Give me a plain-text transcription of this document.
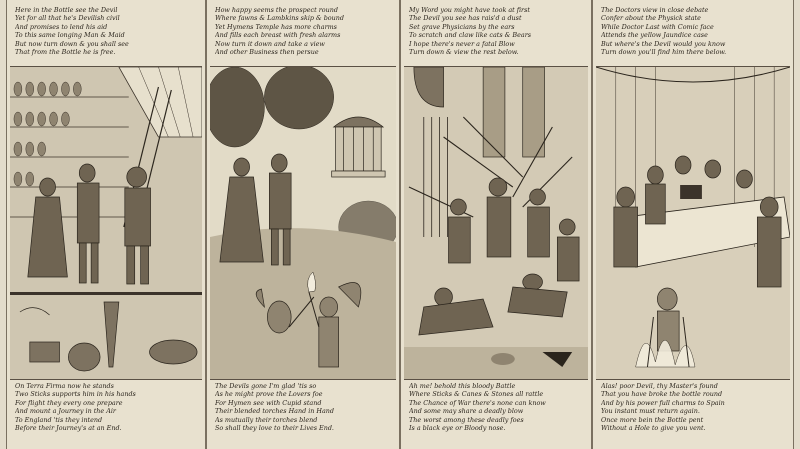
Here in the Bottle see the Devil
Yet for all that he's Devilish civil
And promises to lend his aid
To this same longing Man & Maid
But now turn down & you shall see
That from the Bottle he is free.
On Terra Firma now he stands
Two Sticks supports him in his hands
For flight they every one prepare
And mount a Journey in the Air
To England 'tis they intend
Before their Journey's at an End.
How happy seems the prospect round
Where fawns & Lambkins skip & bound
Yet Hymens Temple has more charms
And fills each breast with fresh alarms
Now turn it down and take a view
And other Business then persue
The Devils gone I'm glad 'tis so
As he might prove the Lovers foe
For Hymen see with Cupid stand
Their blended torches Hand in Hand
As mutually their torches blend
So shall they love to their Lives End.
My Word you might have took at first
The Devil you see has rais'd a dust
Set grave Physicians by the ears
To scratch and claw like cats & Bears
I hope there's never a fatal Blow
Turn down & view the rest below.
Ah me! behold this bloody Battle
Where Sticks & Canes & Stones all rattle
The Chance of War there's none can know
And some may share a deadly blow
The worst among these deadly foes
Is a black eye or Bloody nose.
The Doctors view in close debate
Confer about the Physick state
While Doctor Last with Comic face
Attends the yellow Jaundice case
But where's the Devil would you know
Turn down you'll find him there below.
Alas! poor Devil, thy Master's found
That you have broke the bottle round
And by his power full charms to Spain
You instant must return again.
Once more bein the Bottle pent
Without a Hole to give you vent.
